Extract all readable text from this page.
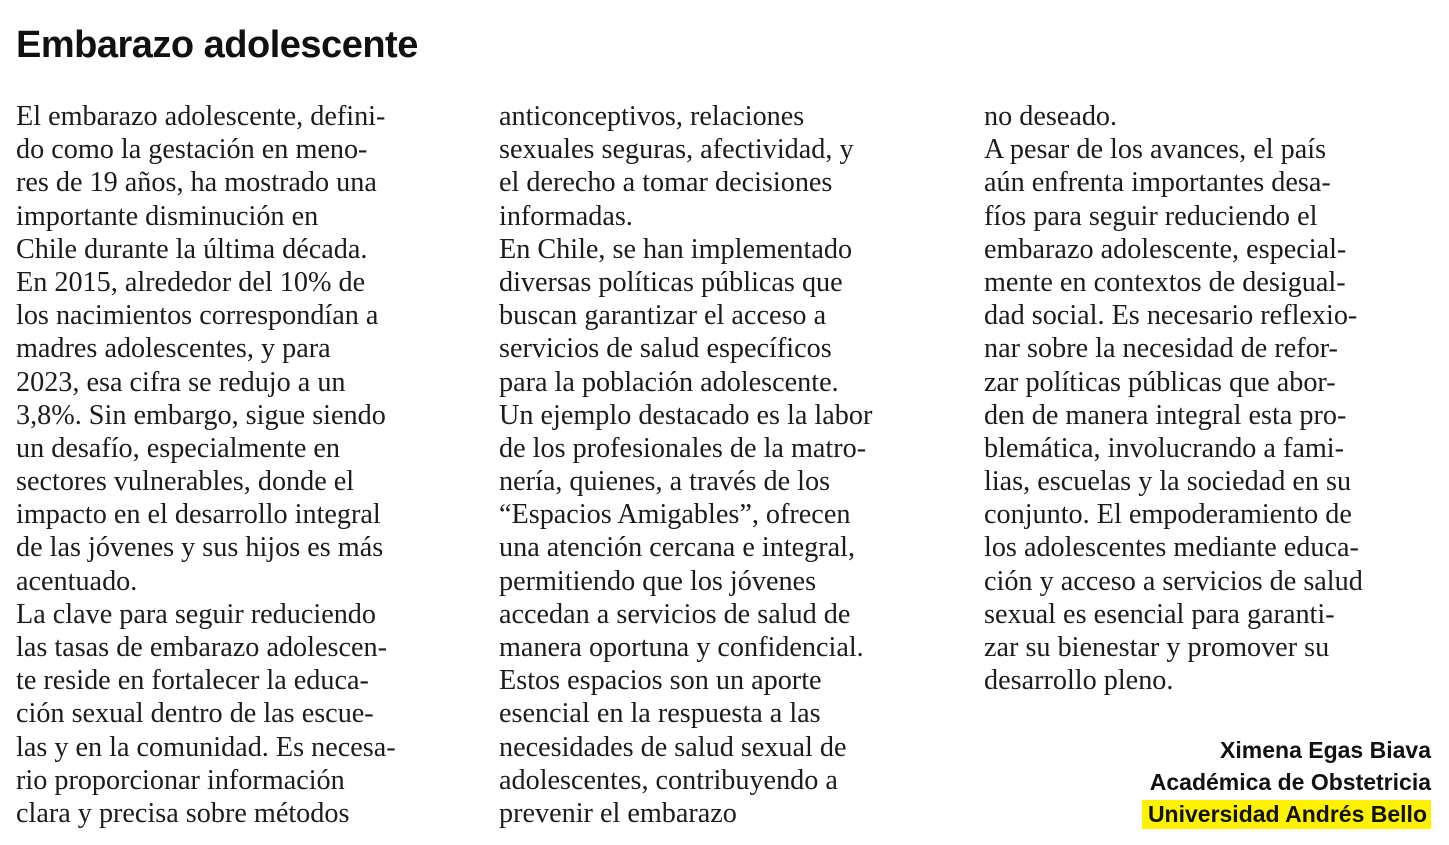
Embarazo adolescente
El embarazo adolescente, defini-
do como la gestación en meno-
res de 19 años, ha mostrado una
importante disminución en
Chile durante la última década.
En 2015, alrededor del 10% de
los nacimientos correspondían a
madres adolescentes, y para
2023, esa cifra se redujo a un
3,8%. Sin embargo, sigue siendo
un desafío, especialmente en
sectores vulnerables, donde el
impacto en el desarrollo integral
de las jóvenes y sus hijos es más
acentuado.
La clave para seguir reduciendo
las tasas de embarazo adolescen-
te reside en fortalecer la educa-
ción sexual dentro de las escue-
las y en la comunidad. Es necesa-
rio proporcionar información
clara y precisa sobre métodos
anticonceptivos, relaciones
sexuales seguras, afectividad, y
el derecho a tomar decisiones
informadas.
En Chile, se han implementado
diversas políticas públicas que
buscan garantizar el acceso a
servicios de salud específicos
para la población adolescente.
Un ejemplo destacado es la labor
de los profesionales de la matro-
nería, quienes, a través de los
“Espacios Amigables”, ofrecen
una atención cercana e integral,
permitiendo que los jóvenes
accedan a servicios de salud de
manera oportuna y confidencial.
Estos espacios son un aporte
esencial en la respuesta a las
necesidades de salud sexual de
adolescentes, contribuyendo a
prevenir el embarazo
no deseado.
A pesar de los avances, el país
aún enfrenta importantes desa-
fíos para seguir reduciendo el
embarazo adolescente, especial-
mente en contextos de desigual-
dad social. Es necesario reflexio-
nar sobre la necesidad de refor-
zar políticas públicas que abor-
den de manera integral esta pro-
blemática, involucrando a fami-
lias, escuelas y la sociedad en su
conjunto. El empoderamiento de
los adolescentes mediante educa-
ción y acceso a servicios de salud
sexual es esencial para garanti-
zar su bienestar y promover su
desarrollo pleno.
Ximena Egas Biava
Académica de Obstetricia
Universidad Andrés Bello
